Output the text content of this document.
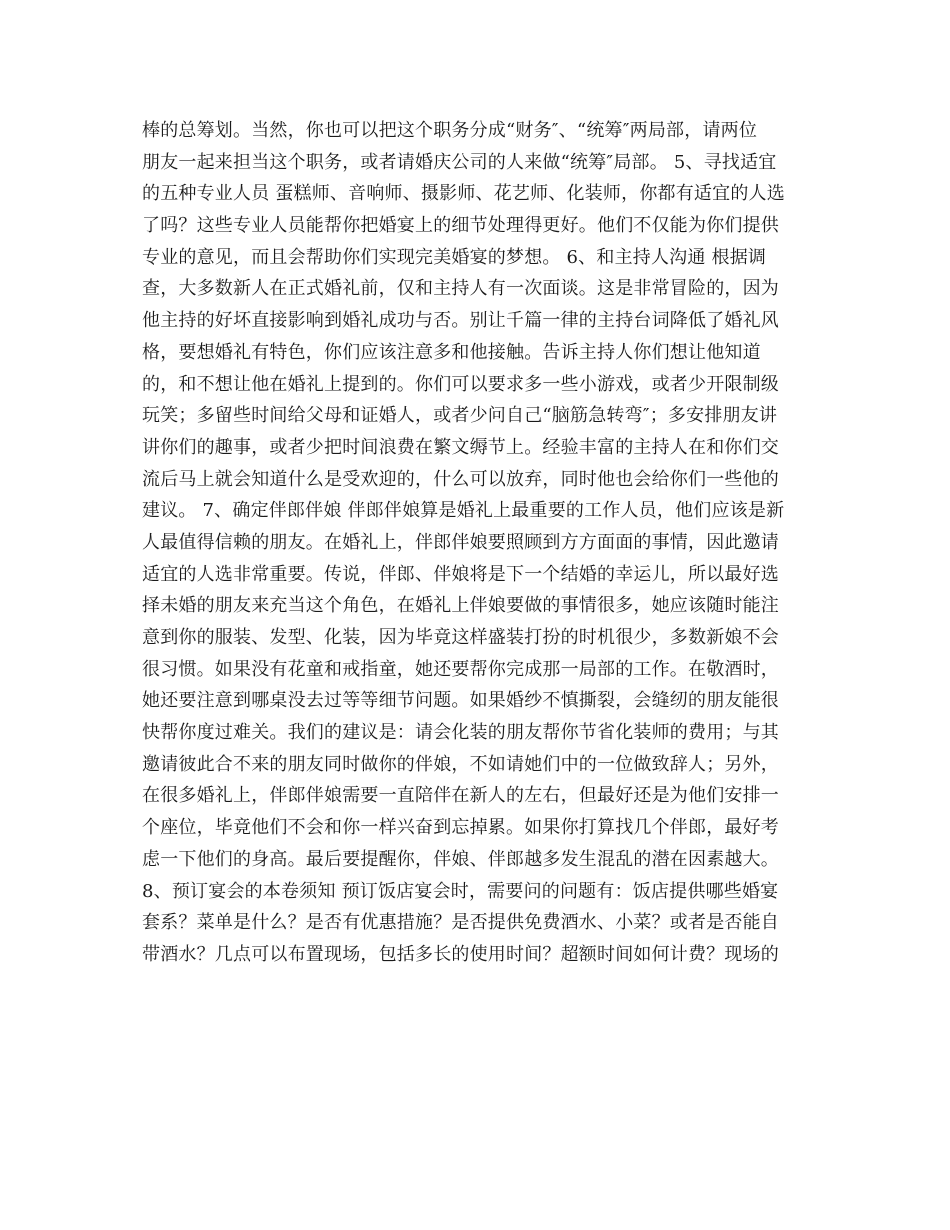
棒的总筹划。当然，你也可以把这个职务分成“财务″、“统筹″两局部，请两位
朋友一起来担当这个职务，或者请婚庆公司的人来做“统筹″局部。 5、寻找适宜
的五种专业人员 蛋糕师、音响师、摄影师、花艺师、化装师，你都有适宜的人选
了吗？这些专业人员能帮你把婚宴上的细节处理得更好。他们不仅能为你们提供
专业的意见，而且会帮助你们实现完美婚宴的梦想。 6、和主持人沟通 根据调
查，大多数新人在正式婚礼前，仅和主持人有一次面谈。这是非常冒险的，因为
他主持的好坏直接影响到婚礼成功与否。别让千篇一律的主持台词降低了婚礼风
格，要想婚礼有特色，你们应该注意多和他接触。告诉主持人你们想让他知道
的，和不想让他在婚礼上提到的。你们可以要求多一些小游戏，或者少开限制级
玩笑；多留些时间给父母和证婚人，或者少问自己“脑筋急转弯″；多安排朋友讲
讲你们的趣事，或者少把时间浪费在繁文缛节上。经验丰富的主持人在和你们交
流后马上就会知道什么是受欢迎的，什么可以放弃，同时他也会给你们一些他的
建议。 7、确定伴郎伴娘 伴郎伴娘算是婚礼上最重要的工作人员，他们应该是新
人最值得信赖的朋友。在婚礼上，伴郎伴娘要照顾到方方面面的事情，因此邀请
适宜的人选非常重要。传说，伴郎、伴娘将是下一个结婚的幸运儿，所以最好选
择未婚的朋友来充当这个角色，在婚礼上伴娘要做的事情很多，她应该随时能注
意到你的服装、发型、化装，因为毕竟这样盛装打扮的时机很少，多数新娘不会
很习惯。如果没有花童和戒指童，她还要帮你完成那一局部的工作。在敬酒时，
她还要注意到哪桌没去过等等细节问题。如果婚纱不慎撕裂，会缝纫的朋友能很
快帮你度过难关。我们的建议是：请会化装的朋友帮你节省化装师的费用；与其
邀请彼此合不来的朋友同时做你的伴娘，不如请她们中的一位做致辞人；另外，
在很多婚礼上，伴郎伴娘需要一直陪伴在新人的左右，但最好还是为他们安排一
个座位，毕竟他们不会和你一样兴奋到忘掉累。如果你打算找几个伴郎，最好考
虑一下他们的身高。最后要提醒你，伴娘、伴郎越多发生混乱的潜在因素越大。
8、预订宴会的本卷须知 预订饭店宴会时，需要问的问题有：饭店提供哪些婚宴
套系？菜单是什么？是否有优惠措施？是否提供免费酒水、小菜？或者是否能自
带酒水？几点可以布置现场，包括多长的使用时间？超额时间如何计费？现场的
